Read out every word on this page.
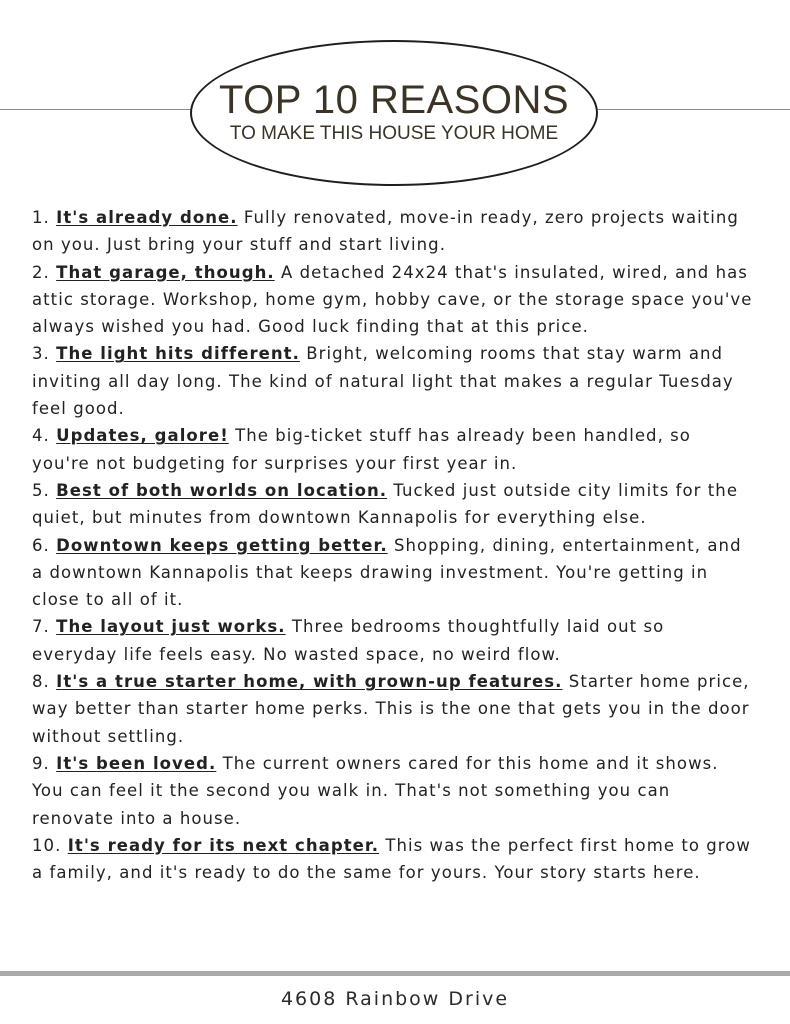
TOP 10 REASONS
TO MAKE THIS HOUSE YOUR HOME
1. It's already done. Fully renovated, move-in ready, zero projects waiting on you. Just bring your stuff and start living.
2. That garage, though. A detached 24x24 that's insulated, wired, and has attic storage. Workshop, home gym, hobby cave, or the storage space you've always wished you had. Good luck finding that at this price.
3. The light hits different. Bright, welcoming rooms that stay warm and inviting all day long. The kind of natural light that makes a regular Tuesday feel good.
4. Updates, galore! The big-ticket stuff has already been handled, so you're not budgeting for surprises your first year in.
5. Best of both worlds on location. Tucked just outside city limits for the quiet, but minutes from downtown Kannapolis for everything else.
6. Downtown keeps getting better. Shopping, dining, entertainment, and a downtown Kannapolis that keeps drawing investment. You're getting in close to all of it.
7. The layout just works. Three bedrooms thoughtfully laid out so everyday life feels easy. No wasted space, no weird flow.
8. It's a true starter home, with grown-up features. Starter home price, way better than starter home perks. This is the one that gets you in the door without settling.
9. It's been loved. The current owners cared for this home and it shows. You can feel it the second you walk in. That's not something you can renovate into a house.
10. It's ready for its next chapter. This was the perfect first home to grow a family, and it's ready to do the same for yours. Your story starts here.
4608 Rainbow Drive
